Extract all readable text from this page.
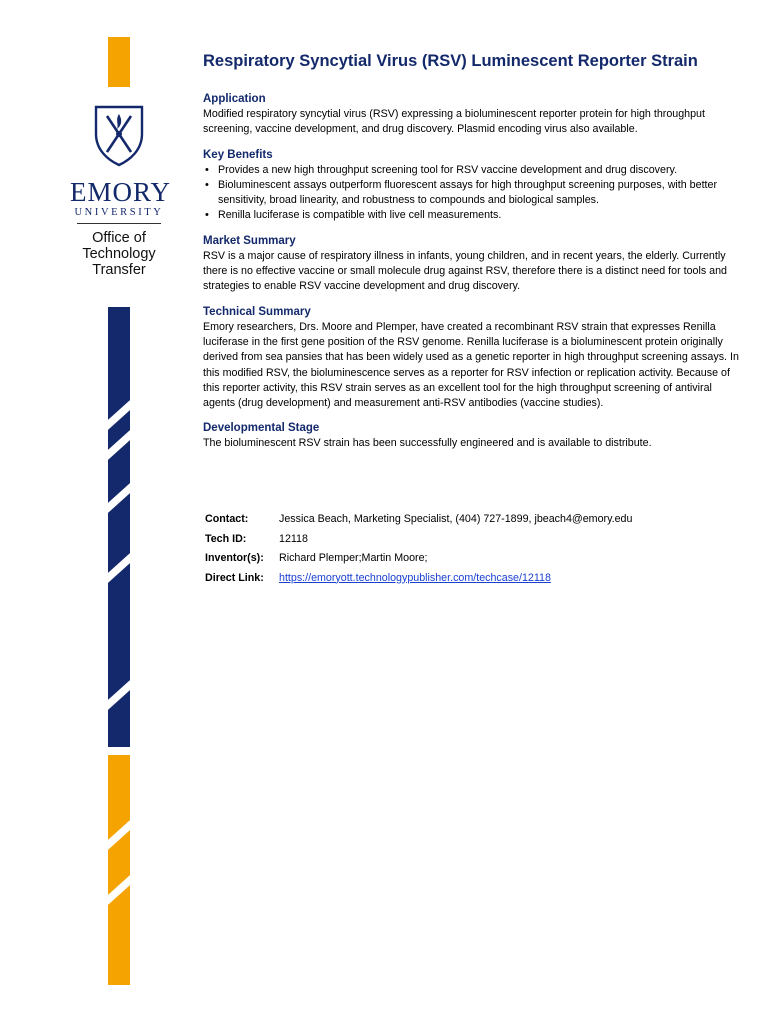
EMORY
UNIVERSITY
Office of
Technology
Transfer
Respiratory Syncytial Virus (RSV) Luminescent Reporter Strain
Application

Modified respiratory syncytial virus (RSV) expressing a bioluminescent reporter protein for high throughput screening, vaccine development, and drug discovery. Plasmid encoding virus also available.

Key Benefits
• Provides a new high throughput screening tool for RSV vaccine development and drug discovery.
• Bioluminescent assays outperform fluorescent assays for high throughput screening purposes, with better sensitivity, broad linearity, and robustness to compounds and biological samples.
• Renilla luciferase is compatible with live cell measurements.
Market Summary

RSV is a major cause of respiratory illness in infants, young children, and in recent years, the elderly. Currently there is no effective vaccine or small molecule drug against RSV, therefore there is a distinct need for tools and strategies to enable RSV vaccine development and drug discovery.

Technical Summary

Emory researchers, Drs. Moore and Plemper, have created a recombinant RSV strain that expresses Renilla luciferase in the first gene position of the RSV genome. Renilla luciferase is a bioluminescent protein originally derived from sea pansies that has been widely used as a genetic reporter in high throughput screening assays. In this modified RSV, the bioluminescence serves as a reporter for RSV infection or replication activity. Because of this reporter activity, this RSV strain serves as an excellent tool for the high throughput screening of antiviral agents (drug development) and measurement anti-RSV antibodies (vaccine studies).

Developmental Stage

The bioluminescent RSV strain has been successfully engineered and is available to distribute.

Contact:	Jessica Beach, Marketing Specialist, (404) 727-1899, jbeach4@emory.edu
Tech ID:	12118
Inventor(s):	Richard Plemper;Martin Moore;
Direct Link:	https://emoryott.technologypublisher.com/techcase/12118
